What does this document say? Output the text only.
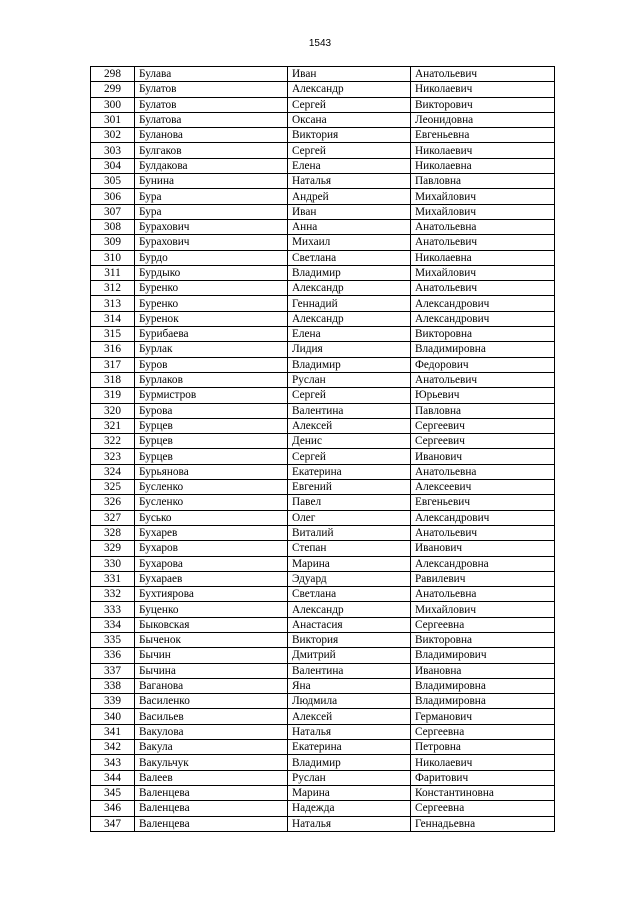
1543
298	Булава	Иван	Анатольевич
299	Булатов	Александр	Николаевич
300	Булатов	Сергей	Викторович
301	Булатова	Оксана	Леонидовна
302	Буланова	Виктория	Евгеньевна
303	Булгаков	Сергей	Николаевич
304	Булдакова	Елена	Николаевна
305	Бунина	Наталья	Павловна
306	Бура	Андрей	Михайлович
307	Бура	Иван	Михайлович
308	Бурахович	Анна	Анатольевна
309	Бурахович	Михаил	Анатольевич
310	Бурдо	Светлана	Николаевна
311	Бурдыко	Владимир	Михайлович
312	Буренко	Александр	Анатольевич
313	Буренко	Геннадий	Александрович
314	Буренок	Александр	Александрович
315	Бурибаева	Елена	Викторовна
316	Бурлак	Лидия	Владимировна
317	Буров	Владимир	Федорович
318	Бурлаков	Руслан	Анатольевич
319	Бурмистров	Сергей	Юрьевич
320	Бурова	Валентина	Павловна
321	Бурцев	Алексей	Сергеевич
322	Бурцев	Денис	Сергеевич
323	Бурцев	Сергей	Иванович
324	Бурьянова	Екатерина	Анатольевна
325	Бусленко	Евгений	Алексеевич
326	Бусленко	Павел	Евгеньевич
327	Бусько	Олег	Александрович
328	Бухарев	Виталий	Анатольевич
329	Бухаров	Степан	Иванович
330	Бухарова	Марина	Александровна
331	Бухараев	Эдуард	Равилевич
332	Бухтиярова	Светлана	Анатольевна
333	Буценко	Александр	Михайлович
334	Быковская	Анастасия	Сергеевна
335	Быченок	Виктория	Викторовна
336	Бычин	Дмитрий	Владимирович
337	Бычина	Валентина	Ивановна
338	Ваганова	Яна	Владимировна
339	Василенко	Людмила	Владимировна
340	Васильев	Алексей	Германович
341	Вакулова	Наталья	Сергеевна
342	Вакула	Екатерина	Петровна
343	Вакульчук	Владимир	Николаевич
344	Валеев	Руслан	Фаритович
345	Валенцева	Марина	Константиновна
346	Валенцева	Надежда	Сергеевна
347	Валенцева	Наталья	Геннадьевна
